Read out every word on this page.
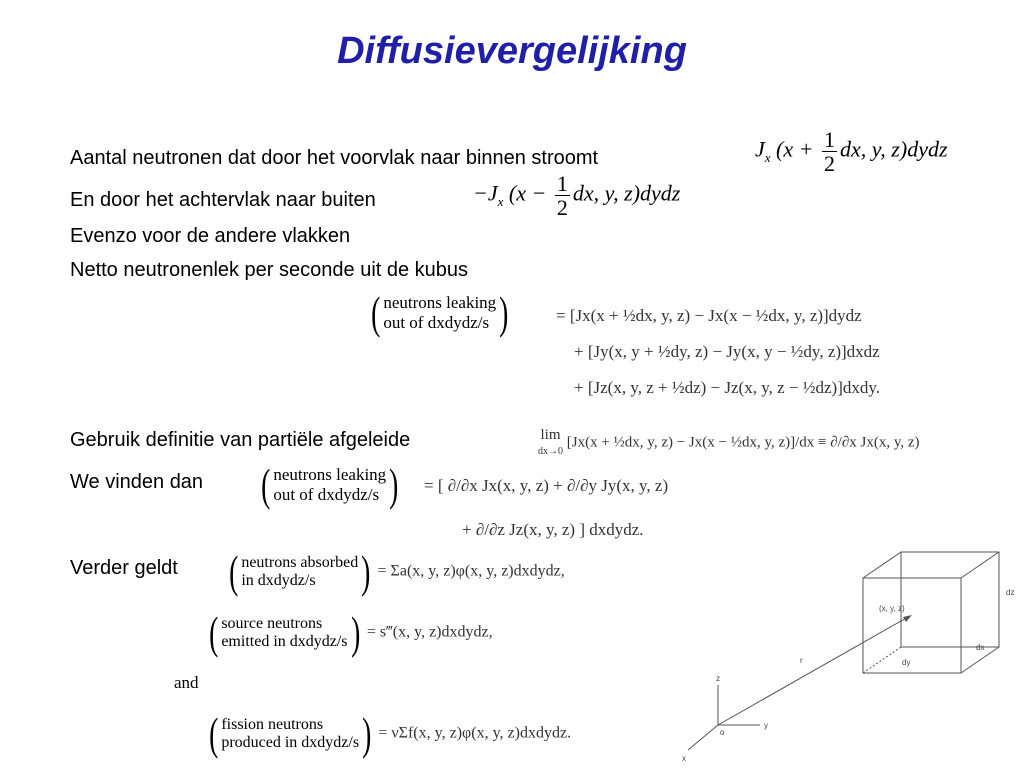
Diffusievergelijking
Aantal neutronen dat door het voorvlak naar binnen stroomt
En door het achtervlak naar buiten
Evenzo voor de andere vlakken
Netto neutronenlek per seconde uit de kubus
Gebruik definitie van partiële afgeleide
We vinden dan
Verder geldt
$J_x$ ($x + \frac{1}{2}$ dx, y, z)dydz
$-J_x$ ($x - \frac{1}{2}$ dx, y, z)dydz
( neutrons leaking
out of dxdydz/s )	= [Jx(x + ½dx, y, z) − Jx(x − ½dx, y, z)]dydz
+ [Jy(x, y + ½dy, z) − Jy(x, y − ½dy, z)]dxdz
+ [Jz(x, y, z + ½dz) − Jz(x, y, z − ½dz)]dxdy.
lim
dx→0 [Jx(x + ½dx, y, z) − Jx(x − ½dx, y, z)]/dx ≡ ∂/∂x Jx(x, y, z)
( neutrons leaking
out of dxdydz/s ) = [ ∂/∂x Jx(x, y, z) + ∂/∂y Jy(x, y, z)
+ ∂/∂z Jz(x, y, z) ] dxdydz.
( neutrons absorbed
in dxdydz/s ) = Σa(x, y, z)φ(x, y, z)dxdydz,
( source neutrons
emitted in dxdydz/s) = s‴(x, y, z)dxdydz,
and
( fission neutrons
produced in dxdydz/s) = νΣf(x, y, z)φ(x, y, z)dxdydz.
(x, y, z)
dz
dy
dx
r
z
y
x
o
